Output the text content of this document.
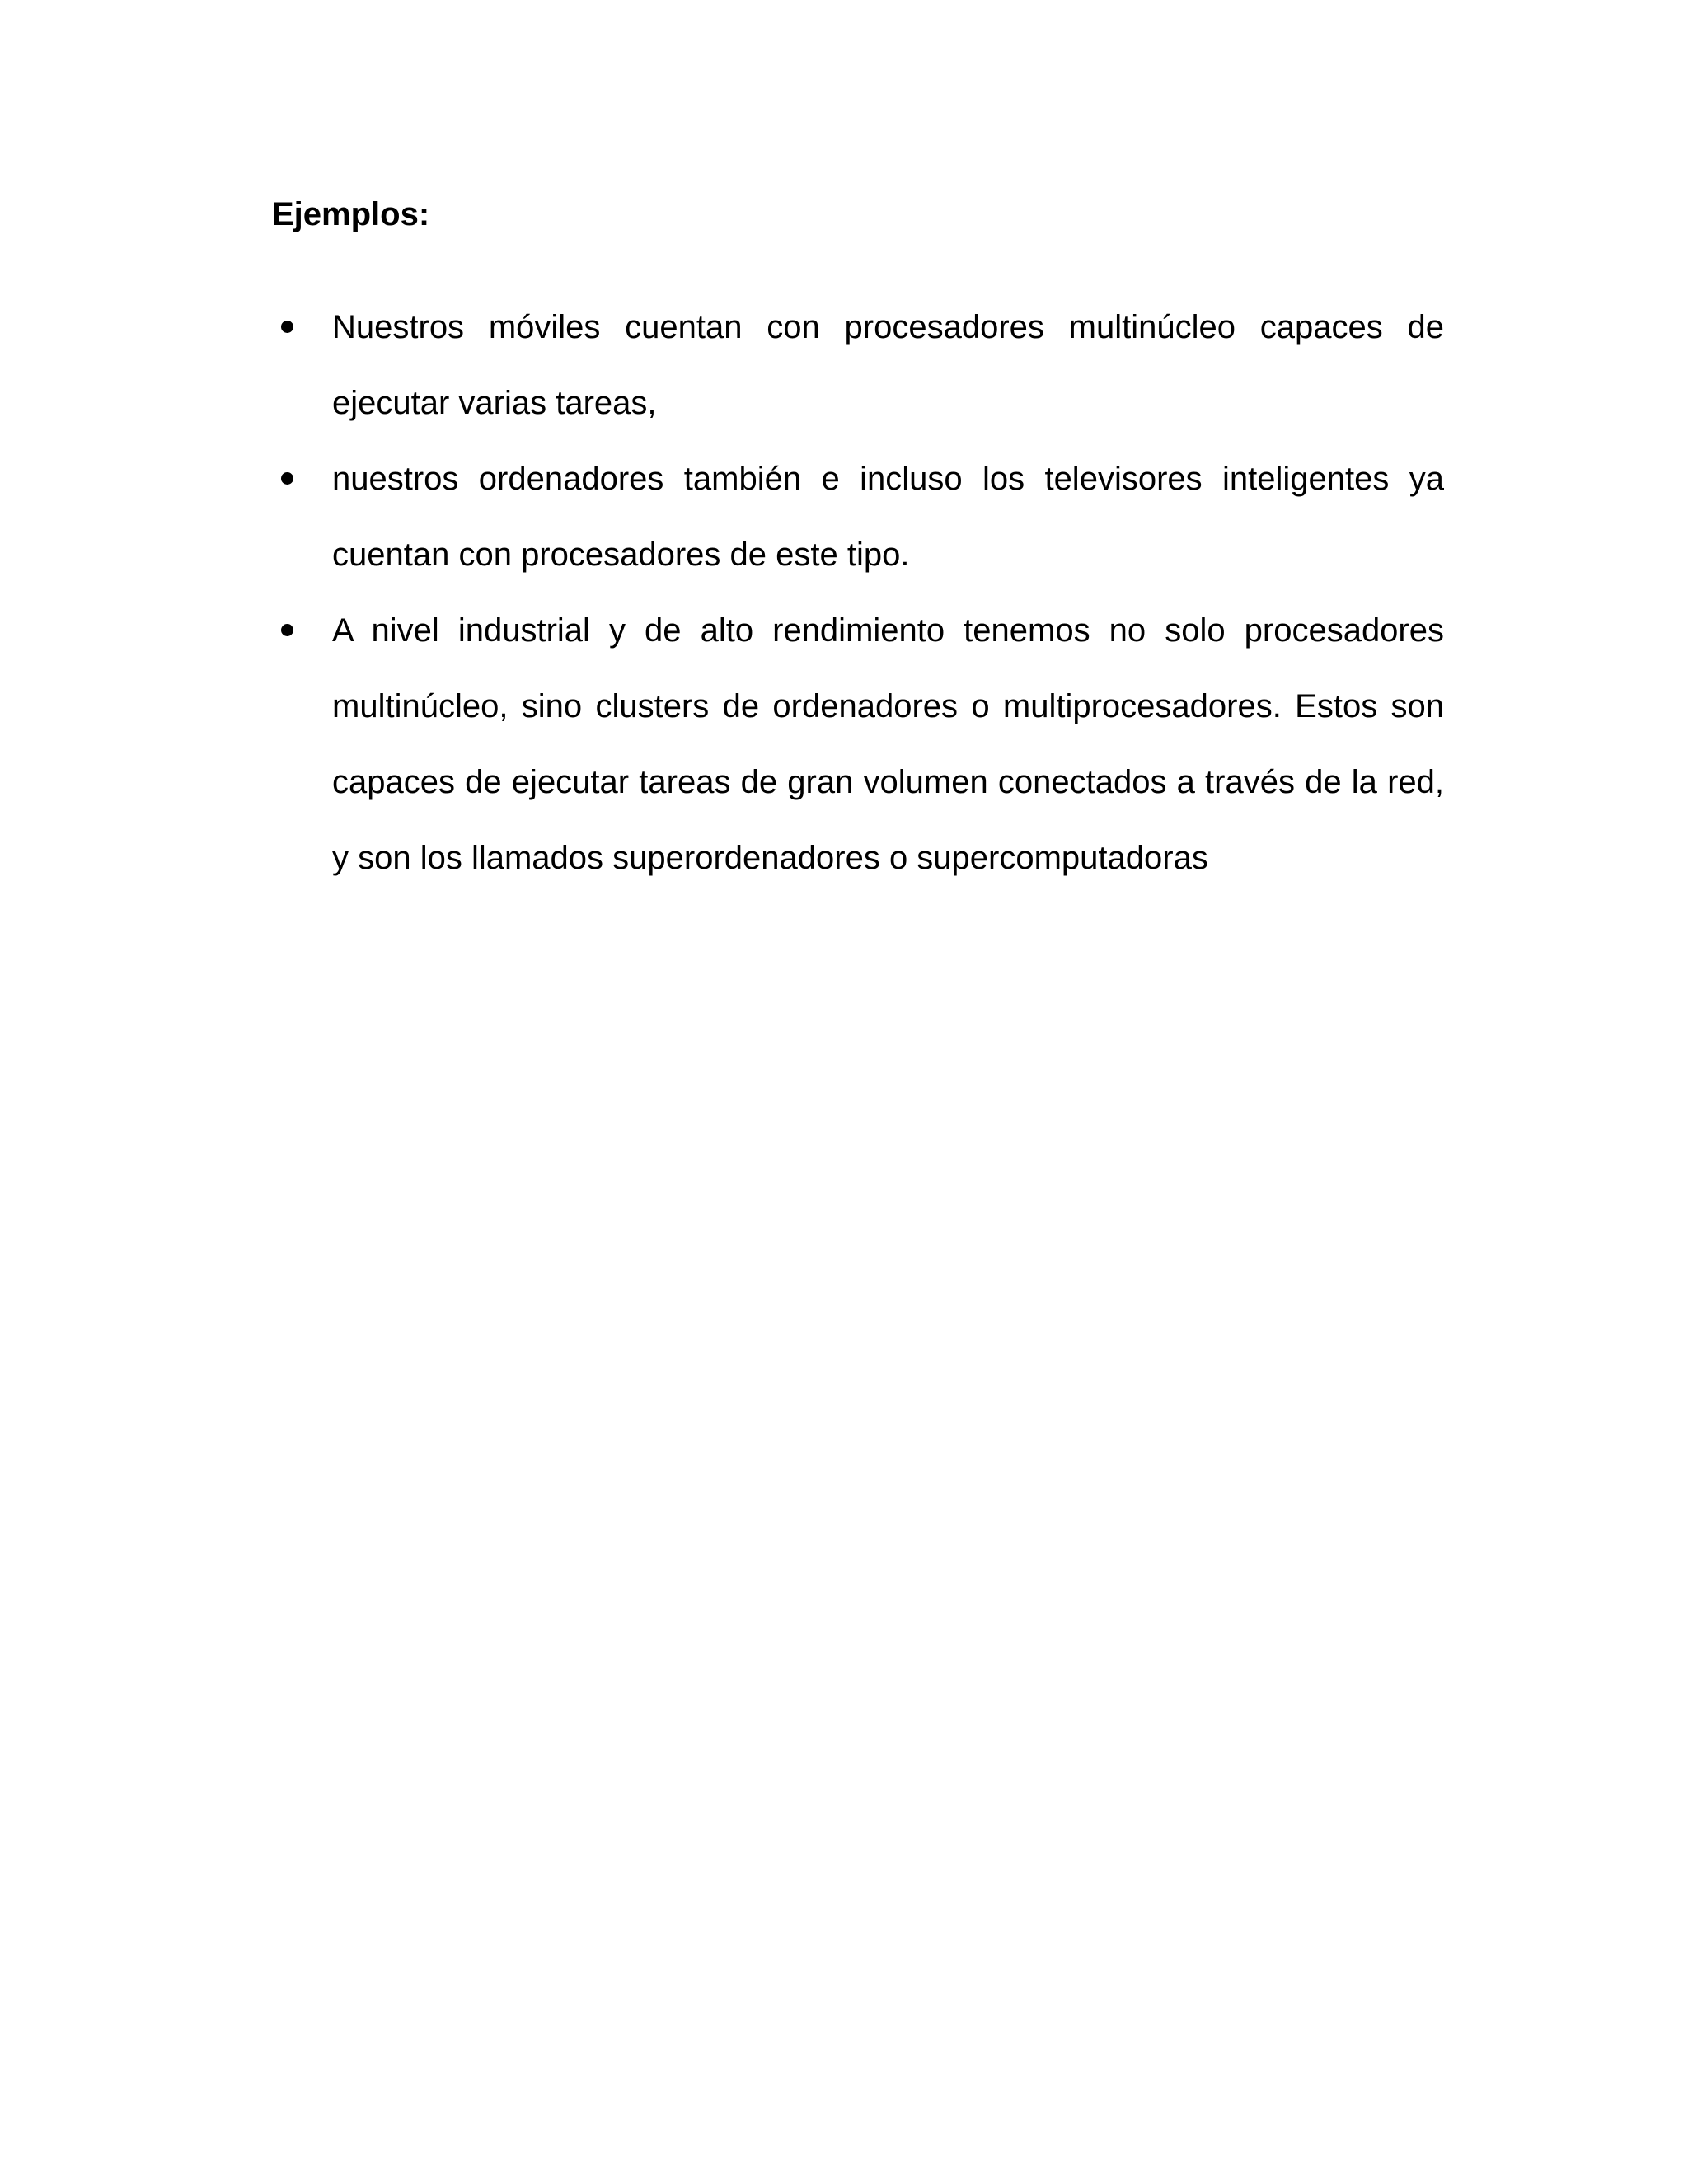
Ejemplos:
Nuestros móviles cuentan con procesadores multinúcleo capaces de ejecutar varias tareas,
nuestros ordenadores también e incluso los televisores inteligentes ya cuentan con procesadores de este tipo.
A nivel industrial y de alto rendimiento tenemos no solo procesadores multinúcleo, sino clusters de ordenadores o multiprocesadores. Estos son capaces de ejecutar tareas de gran volumen conectados a través de la red, y son los llamados superordenadores o supercomputadoras
